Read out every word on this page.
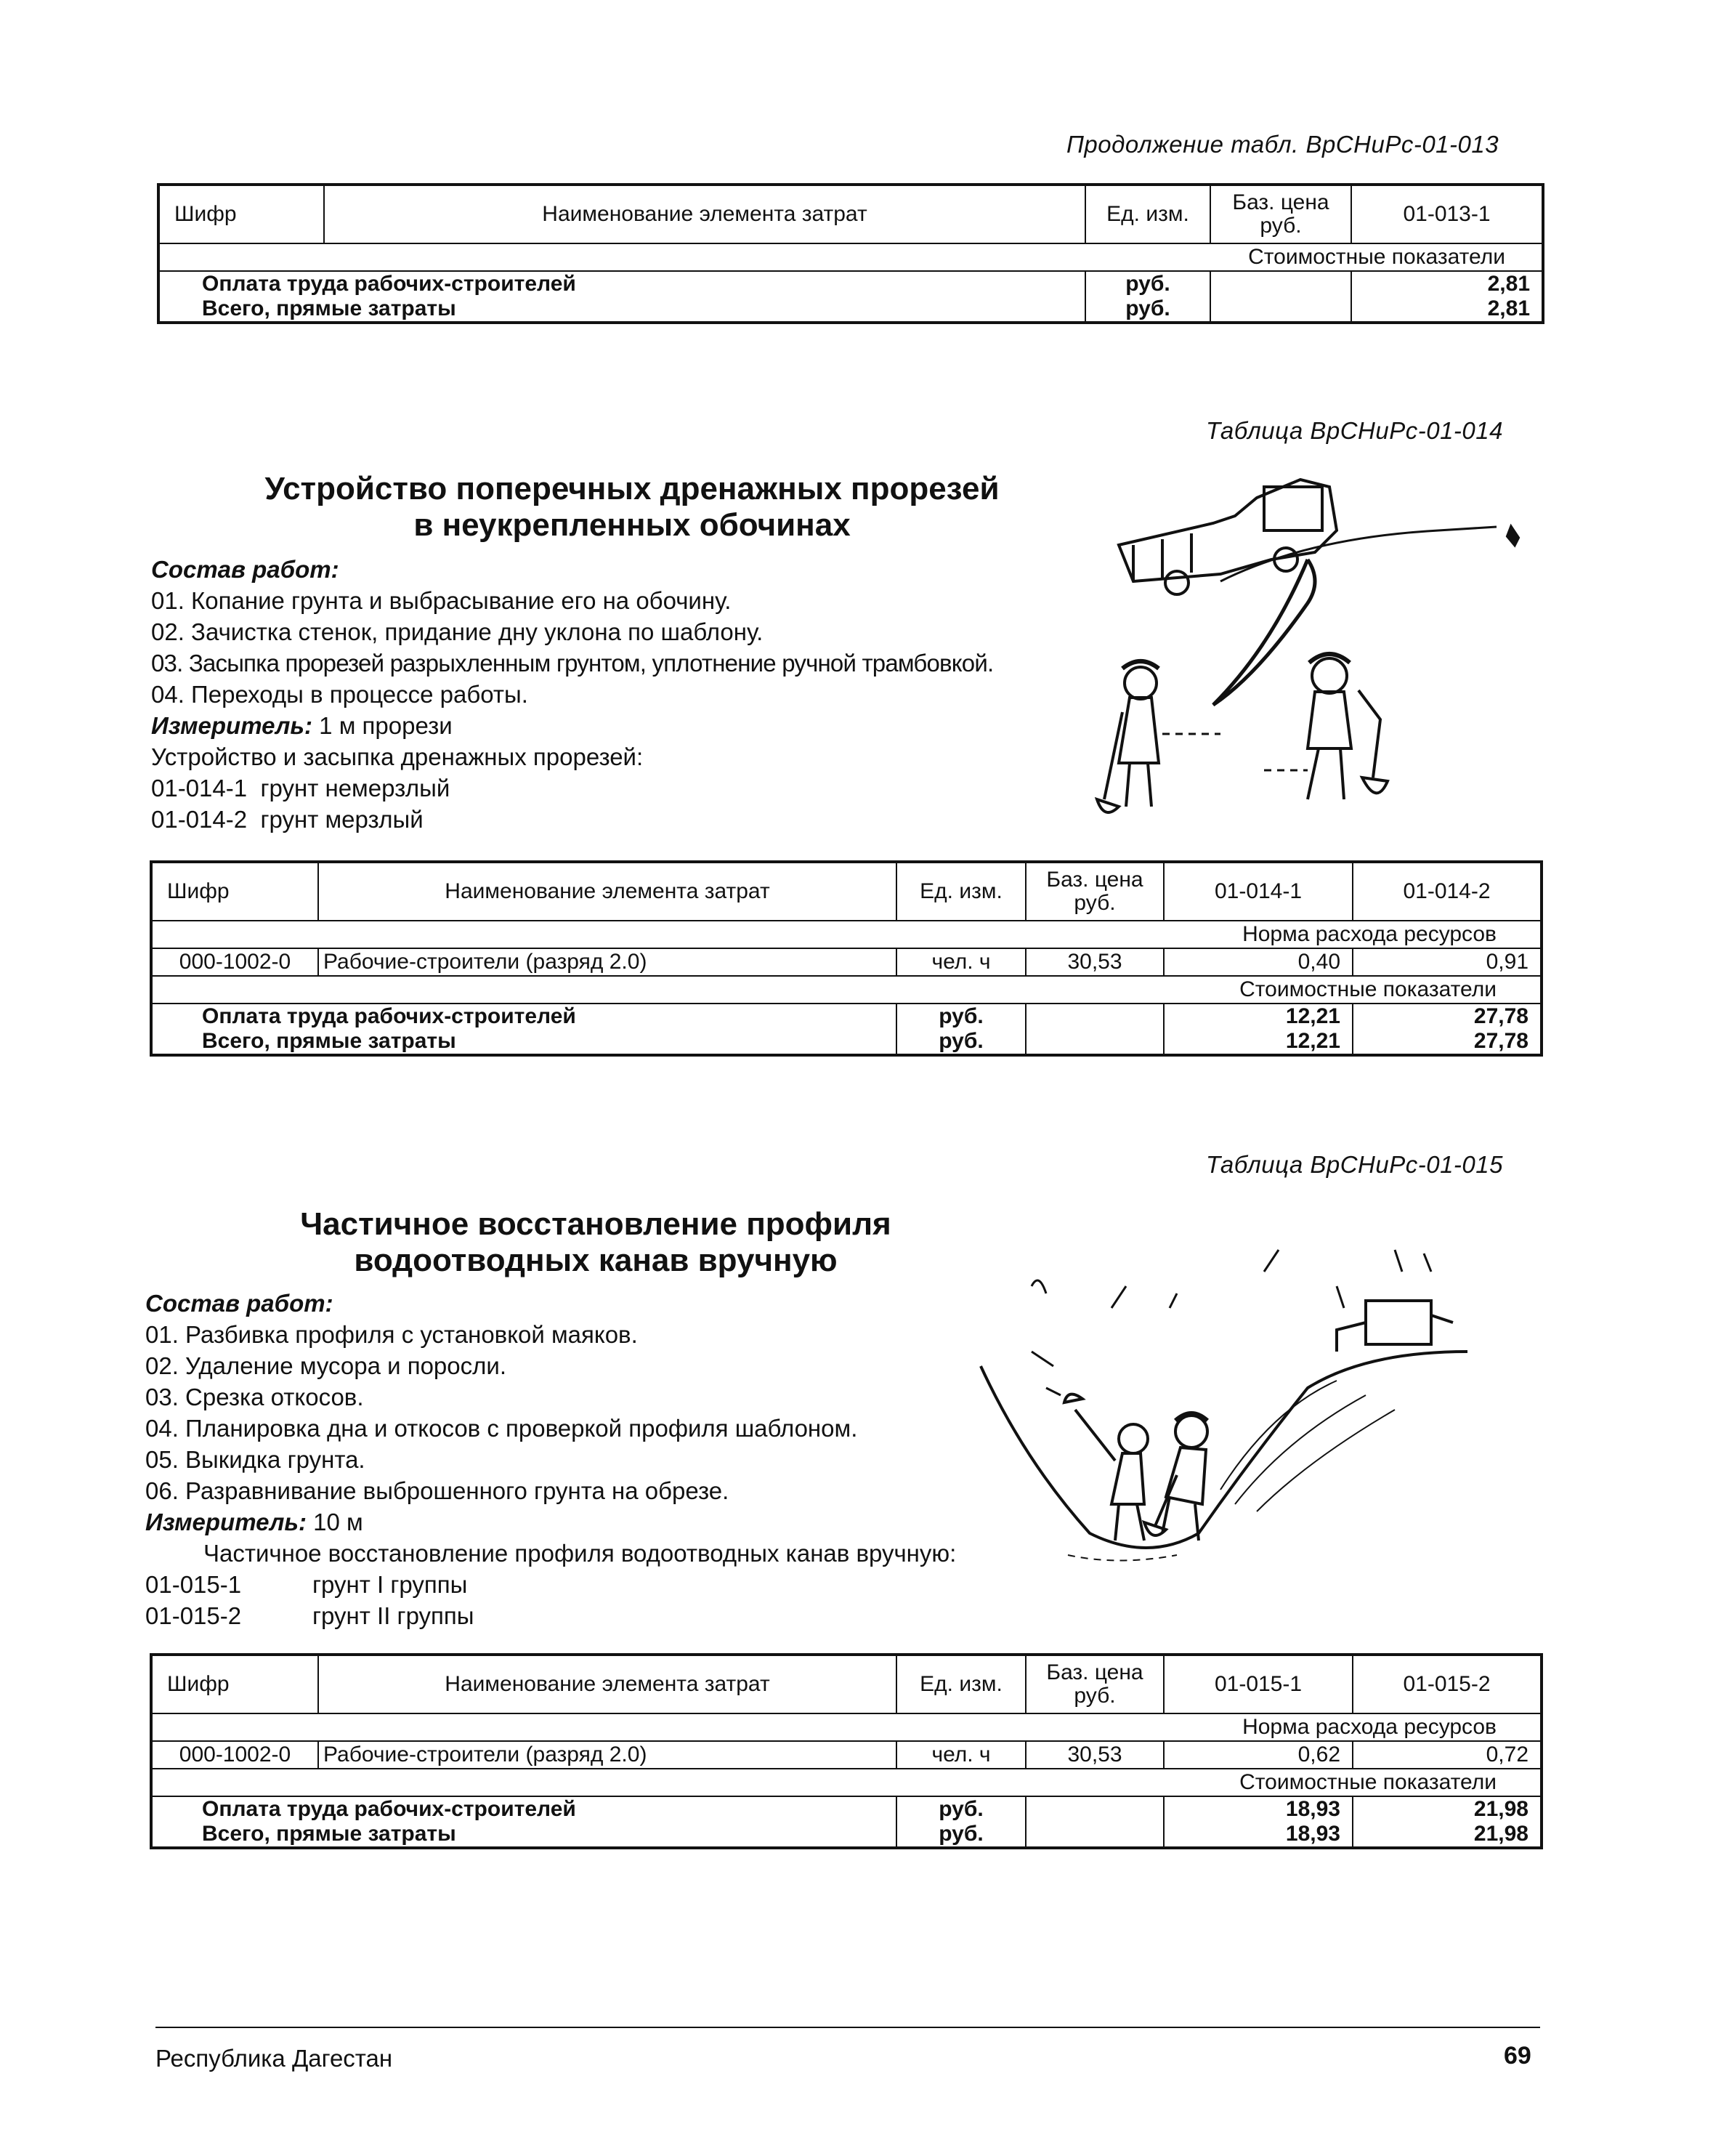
Продолжение табл. ВрСНиРс-01-013
Шифр	Наименование элемента затрат	Ед. изм.	Баз. цена руб.	01-013-1
			Стоимостные показатели	
Оплата труда рабочих-строителей		руб.		2,81
Всего, прямые затраты		руб.		2,81
Таблица ВрСНиРс-01-014
Устройство поперечных дренажных прорезей
в неукрепленных обочинах
Состав работ:
01. Копание грунта и выбрасывание его на обочину.
02. Зачистка стенок, придание дну уклона по шаблону.
03. Засыпка прорезей разрыхленным грунтом, уплотнение ручной трамбовкой.
04. Переходы в процессе работы.
Измеритель: 1 м прорези
Устройство и засыпка дренажных прорезей:
01-014-1 грунт немерзлый
01-014-2 грунт мерзлый
Шифр	Наименование элемента затрат	Ед. изм.	Баз. цена руб.	01-014-1	01-014-2
				Норма расхода ресурсов	
000-1002-0	Рабочие-строители (разряд 2.0)	чел. ч	30,53	0,40	0,91
				Стоимостные показатели	
Оплата труда рабочих-строителей		руб.		12,21	27,78
Всего, прямые затраты		руб.		12,21	27,78
Таблица ВрСНиРс-01-015
Частичное восстановление профиля
водоотводных канав вручную
Состав работ:
01. Разбивка профиля с установкой маяков.
02. Удаление мусора и поросли.
03. Срезка откосов.
04. Планировка дна и откосов с проверкой профиля шаблоном.
05. Выкидка грунта.
06. Разравнивание выброшенного грунта на обрезе.
Измеритель: 10 м
Частичное восстановление профиля водоотводных канав вручную:
01-015-1	грунт I группы
01-015-2	грунт II группы
Шифр	Наименование элемента затрат	Ед. изм.	Баз. цена руб.	01-015-1	01-015-2
				Норма расхода ресурсов	
000-1002-0	Рабочие-строители (разряд 2.0)	чел. ч	30,53	0,62	0,72
				Стоимостные показатели	
Оплата труда рабочих-строителей		руб.		18,93	21,98
Всего, прямые затраты		руб.		18,93	21,98
Республика Дагестан	69
